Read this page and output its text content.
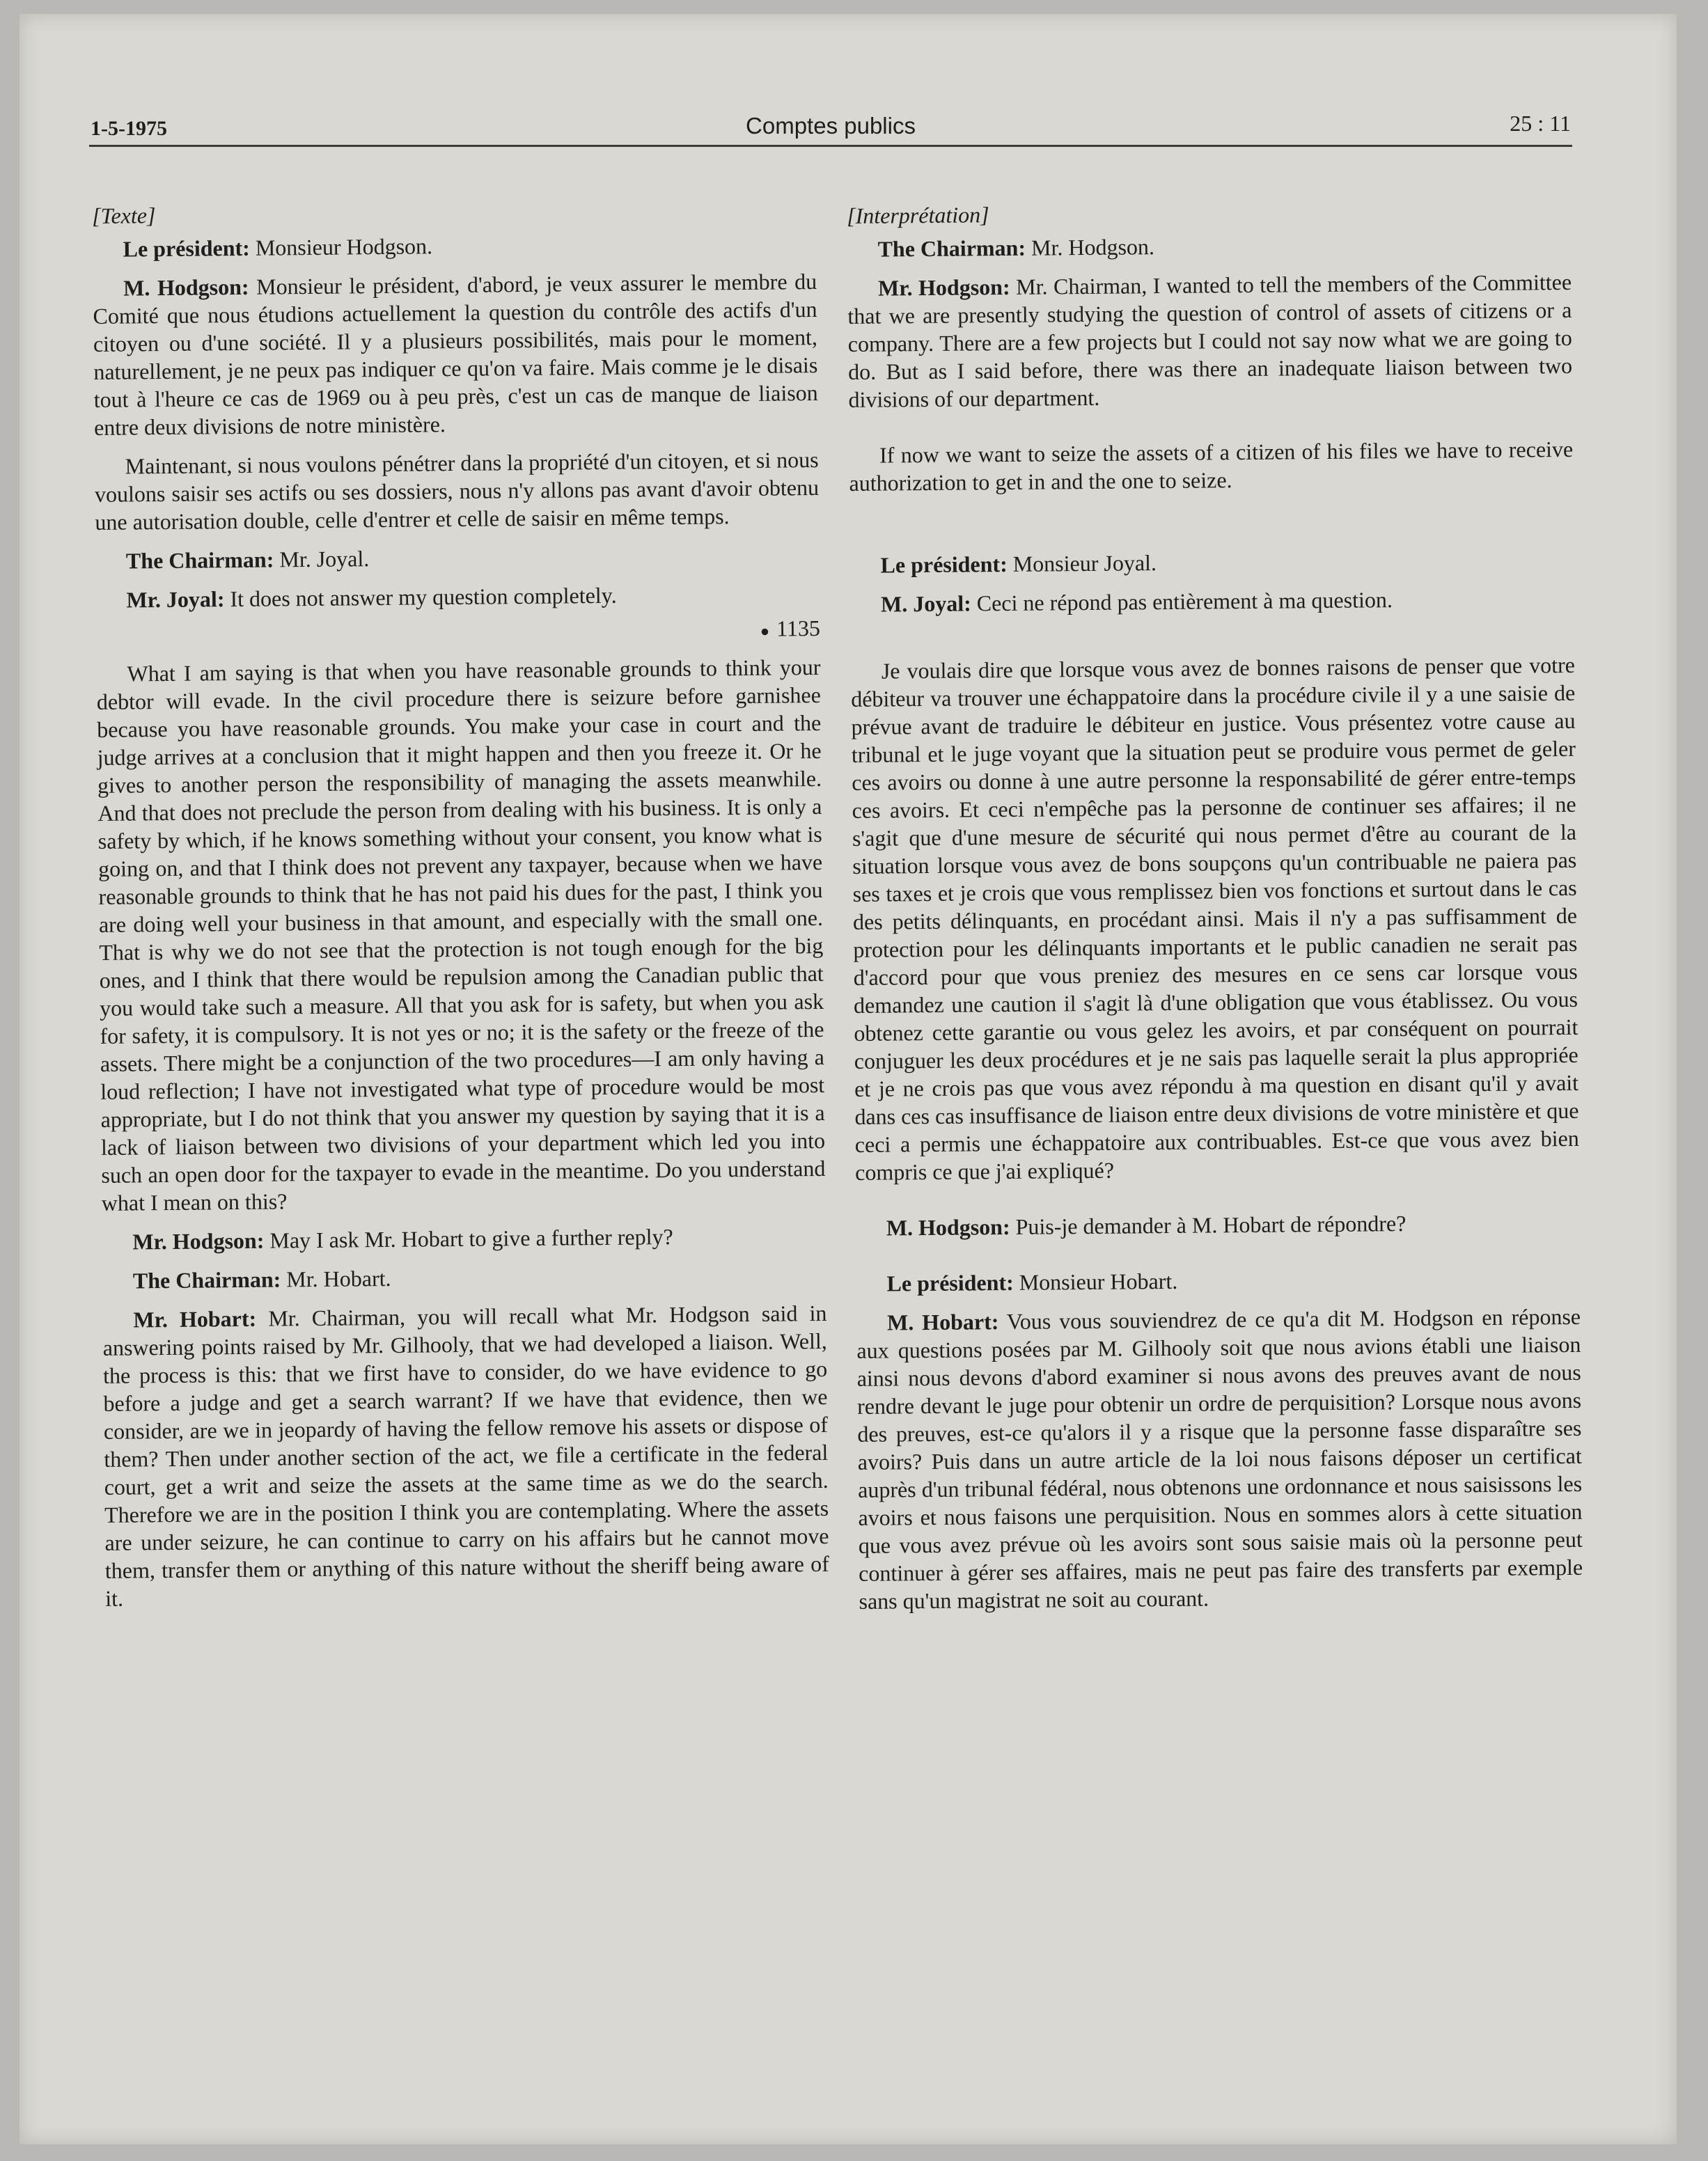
1-5-1975	Comptes publics	25 : 11
[Texte]

Le président: Monsieur Hodgson.

M. Hodgson: Monsieur le président, d'abord, je veux assurer le membre du Comité que nous étudions actuellement la question du contrôle des actifs d'un citoyen ou d'une société. Il y a plusieurs possibilités, mais pour le moment, naturellement, je ne peux pas indiquer ce qu'on va faire. Mais comme je le disais tout à l'heure ce cas de 1969 ou à peu près, c'est un cas de manque de liaison entre deux divisions de notre ministère.

Maintenant, si nous voulons pénétrer dans la propriété d'un citoyen, et si nous voulons saisir ses actifs ou ses dossiers, nous n'y allons pas avant d'avoir obtenu une autorisation double, celle d'entrer et celle de saisir en même temps.

The Chairman: Mr. Joyal.

Mr. Joyal: It does not answer my question completely.

● 1135

What I am saying is that when you have reasonable grounds to think your debtor will evade. In the civil procedure there is seizure before garnishee because you have reasonable grounds. You make your case in court and the judge arrives at a conclusion that it might happen and then you freeze it. Or he gives to another person the responsibility of managing the assets meanwhile. And that does not preclude the person from dealing with his business. It is only a safety by which, if he knows something without your consent, you know what is going on, and that I think does not prevent any taxpayer, because when we have reasonable grounds to think that he has not paid his dues for the past, I think you are doing well your business in that amount, and especially with the small one. That is why we do not see that the protection is not tough enough for the big ones, and I think that there would be repulsion among the Canadian public that you would take such a measure. All that you ask for is safety, but when you ask for safety, it is compulsory. It is not yes or no; it is the safety or the freeze of the assets. There might be a conjunction of the two procedures—I am only having a loud reflection; I have not investigated what type of procedure would be most appropriate, but I do not think that you answer my question by saying that it is a lack of liaison between two divisions of your department which led you into such an open door for the taxpayer to evade in the meantime. Do you understand what I mean on this?

Mr. Hodgson: May I ask Mr. Hobart to give a further reply?

The Chairman: Mr. Hobart.

Mr. Hobart: Mr. Chairman, you will recall what Mr. Hodgson said in answering points raised by Mr. Gilhooly, that we had developed a liaison. Well, the process is this: that we first have to consider, do we have evidence to go before a judge and get a search warrant? If we have that evidence, then we consider, are we in jeopardy of having the fellow remove his assets or dispose of them? Then under another section of the act, we file a certificate in the federal court, get a writ and seize the assets at the same time as we do the search. Therefore we are in the position I think you are contemplating. Where the assets are under seizure, he can continue to carry on his affairs but he cannot move them, transfer them or anything of this nature without the sheriff being aware of it.

[Interprétation]

The Chairman: Mr. Hodgson.

Mr. Hodgson: Mr. Chairman, I wanted to tell the members of the Committee that we are presently studying the question of control of assets of citizens or a company. There are a few projects but I could not say now what we are going to do. But as I said before, there was there an inadequate liaison between two divisions of our department.

If now we want to seize the assets of a citizen of his files we have to receive authorization to get in and the one to seize.

Le président: Monsieur Joyal.

M. Joyal: Ceci ne répond pas entièrement à ma question.

Je voulais dire que lorsque vous avez de bonnes raisons de penser que votre débiteur va trouver une échappatoire dans la procédure civile il y a une saisie de prévue avant de traduire le débiteur en justice. Vous présentez votre cause au tribunal et le juge voyant que la situation peut se produire vous permet de geler ces avoirs ou donne à une autre personne la responsabilité de gérer entre-temps ces avoirs. Et ceci n'empêche pas la personne de continuer ses affaires; il ne s'agit que d'une mesure de sécurité qui nous permet d'être au courant de la situation lorsque vous avez de bons soupçons qu'un contribuable ne paiera pas ses taxes et je crois que vous remplissez bien vos fonctions et surtout dans le cas des petits délinquants, en procédant ainsi. Mais il n'y a pas suffisamment de protection pour les délinquants importants et le public canadien ne serait pas d'accord pour que vous preniez des mesures en ce sens car lorsque vous demandez une caution il s'agit là d'une obligation que vous établissez. Ou vous obtenez cette garantie ou vous gelez les avoirs, et par conséquent on pourrait conjuguer les deux procédures et je ne sais pas laquelle serait la plus appropriée et je ne crois pas que vous avez répondu à ma question en disant qu'il y avait dans ces cas insuffisance de liaison entre deux divisions de votre ministère et que ceci a permis une échappatoire aux contribuables. Est-ce que vous avez bien compris ce que j'ai expliqué?

M. Hodgson: Puis-je demander à M. Hobart de répondre?

Le président: Monsieur Hobart.

M. Hobart: Vous vous souviendrez de ce qu'a dit M. Hodgson en réponse aux questions posées par M. Gilhooly soit que nous avions établi une liaison ainsi nous devons d'abord examiner si nous avons des preuves avant de nous rendre devant le juge pour obtenir un ordre de perquisition? Lorsque nous avons des preuves, est-ce qu'alors il y a risque que la personne fasse disparaître ses avoirs? Puis dans un autre article de la loi nous faisons déposer un certificat auprès d'un tribunal fédéral, nous obtenons une ordonnance et nous saisissons les avoirs et nous faisons une perquisition. Nous en sommes alors à cette situation que vous avez prévue où les avoirs sont sous saisie mais où la personne peut continuer à gérer ses affaires, mais ne peut pas faire des transferts par exemple sans qu'un magistrat ne soit au courant.
